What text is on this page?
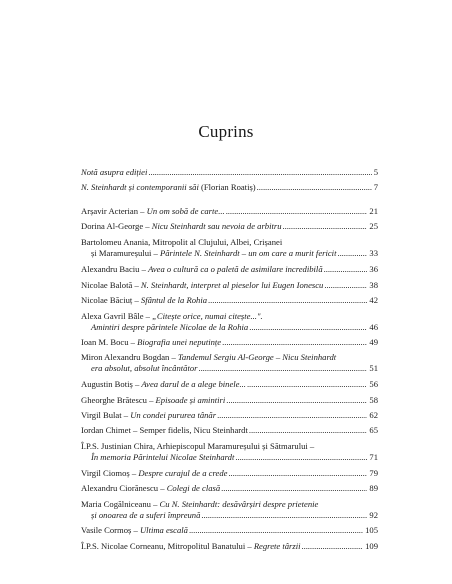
Cuprins
Notă asupra ediției . . .	5
N. Steinhardt și contemporanii săi (Florian Roatiș) . . .	7
Arșavir Acterian – Un om sobă de carte... . . .	21
Dorina Al-George – Nicu Steinhardt sau nevoia de arbitru . . .	25
Bartolomeu Anania, Mitropolit al Clujului, Albei, Crișanei
și Maramureșului – Părintele N. Steinhardt – un om care a murit fericit . . .	33
Alexandru Baciu – Avea o cultură ca o paletă de asimilare incredibilă . . .	36
Nicolae Balotă – N. Steinhardt, interpret al pieselor lui Eugen Ionescu . . .	38
Nicolae Băciuț – Sfântul de la Rohia . . .	42
Alexa Gavril Bâle – „Citește orice, numai citește...".
Amintiri despre părintele Nicolae de la Rohia . . .	46
Ioan M. Bocu – Biografia unei neputințe . . .	49
Miron Alexandru Bogdan – Tandemul Sergiu Al-George – Nicu Steinhardt
era absolut, absolut încântător . . .	51
Augustin Botiș – Avea darul de a alege binele... . . .	56
Gheorghe Brătescu – Episoade și amintiri . . .	58
Virgil Bulat – Un condei pururea tânăr . . .	62
Iordan Chimet – Semper fidelis, Nicu Steinhardt . . .	65
Î.P.S. Justinian Chira, Arhiepiscopul Maramureșului și Sătmarului –
În memoria Părintelui Nicolae Steinhardt . . .	71
Virgil Ciomoș – Despre curajul de a crede . . .	79
Alexandru Ciorănescu – Colegi de clasă . . .	89
Maria Cogălniceanu – Cu N. Steinhardt: desăvârșiri despre prietenie
și onoarea de a suferi împreună . . .	92
Vasile Cormoș – Ultima escală . . .	105
Î.P.S. Nicolae Corneanu, Mitropolitul Banatului – Regrete târzii . . .	109
